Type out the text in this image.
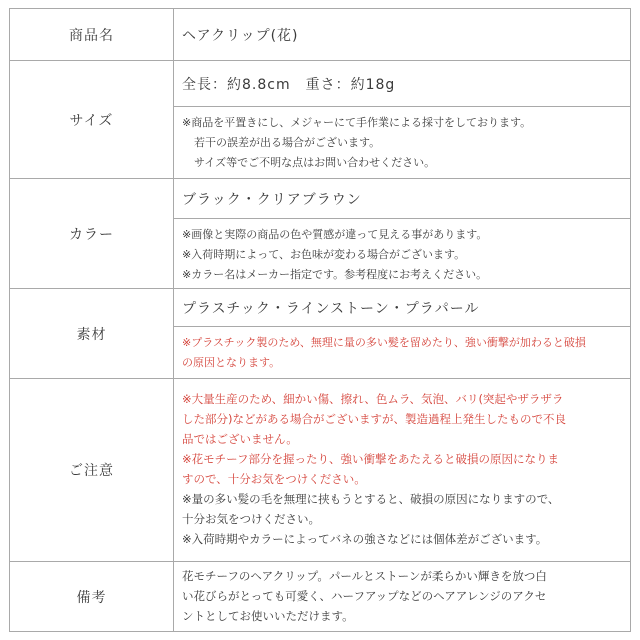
商品名	ヘアクリップ(花)
サイズ
全長：約8.8cm　重さ：約18g
※商品を平置きにし、メジャーにて手作業による採寸をしております。
若干の誤差が出る場合がございます。
サイズ等でご不明な点はお問い合わせください。
カラー
ブラック・クリアブラウン
※画像と実際の商品の色や質感が違って見える事があります。
※入荷時期によって、お色味が変わる場合がございます。
※カラー名はメーカー指定です。参考程度にお考えください。
素材
プラスチック・ラインストーン・プラパール
※プラスチック製のため、無理に量の多い髪を留めたり、強い衝撃が加わると破損
の原因となります。
ご注意
※大量生産のため、細かい傷、擦れ、色ムラ、気泡、バリ(突起やザラザラ
した部分)などがある場合がございますが、製造過程上発生したもので不良
品ではございません。
※花モチーフ部分を握ったり、強い衝撃をあたえると破損の原因になりま
すので、十分お気をつけください。
※量の多い髪の毛を無理に挟もうとすると、破損の原因になりますので、
十分お気をつけください。
※入荷時期やカラーによってバネの強さなどには個体差がございます。
備考
花モチーフのヘアクリップ。パールとストーンが柔らかい輝きを放つ白
い花びらがとっても可愛く、ハーフアップなどのヘアアレンジのアクセ
ントとしてお使いいただけます。
